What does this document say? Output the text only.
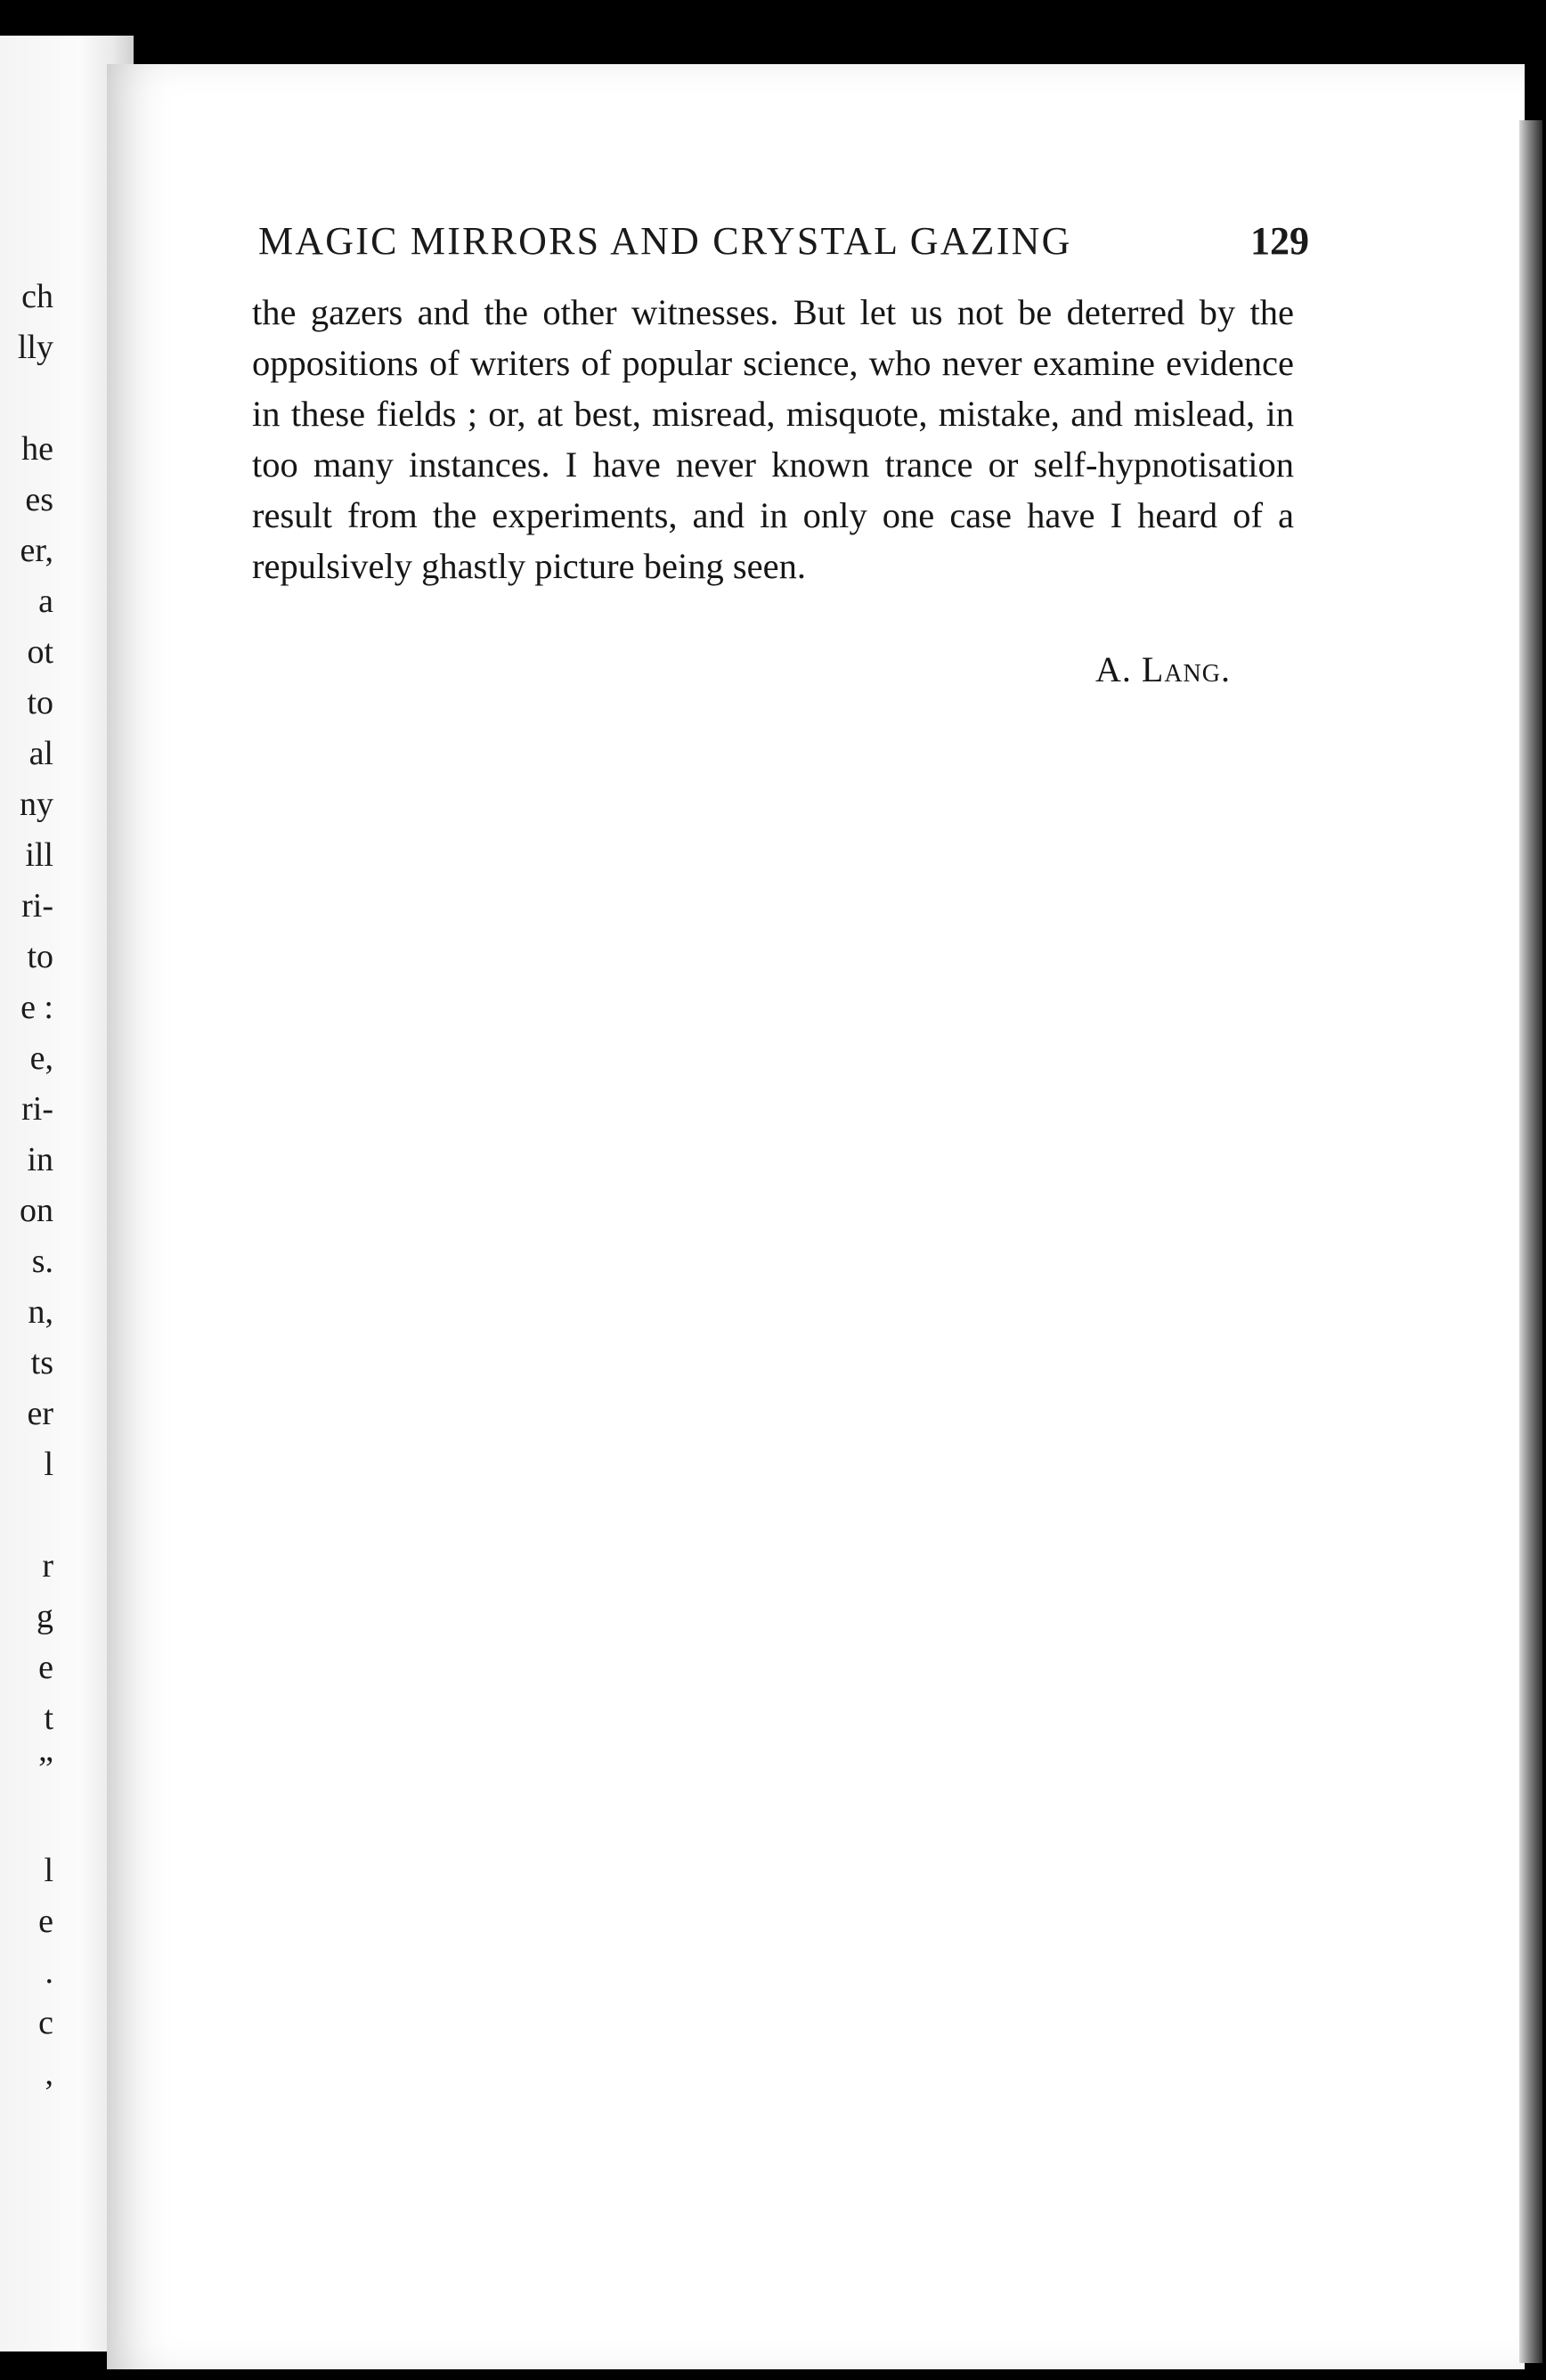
ch
lly
he
es
er,
a
ot
to
al
ny
ill
ri-
to
e :
e,
ri-
in
on
s.
n,
ts
er
l
r
g
e
t
”
l
e
.
c
,
MAGIC MIRRORS AND CRYSTAL GAZING	129

the gazers and the other witnesses. But let us not be deterred by the oppositions of writers of popular science, who never examine evidence in these fields ; or, at best, misread, misquote, mistake, and mislead, in too many instances. I have never known trance or self-hypnotisation result from the experiments, and in only one case have I heard of a repulsively ghastly picture being seen.

A. Lang.
